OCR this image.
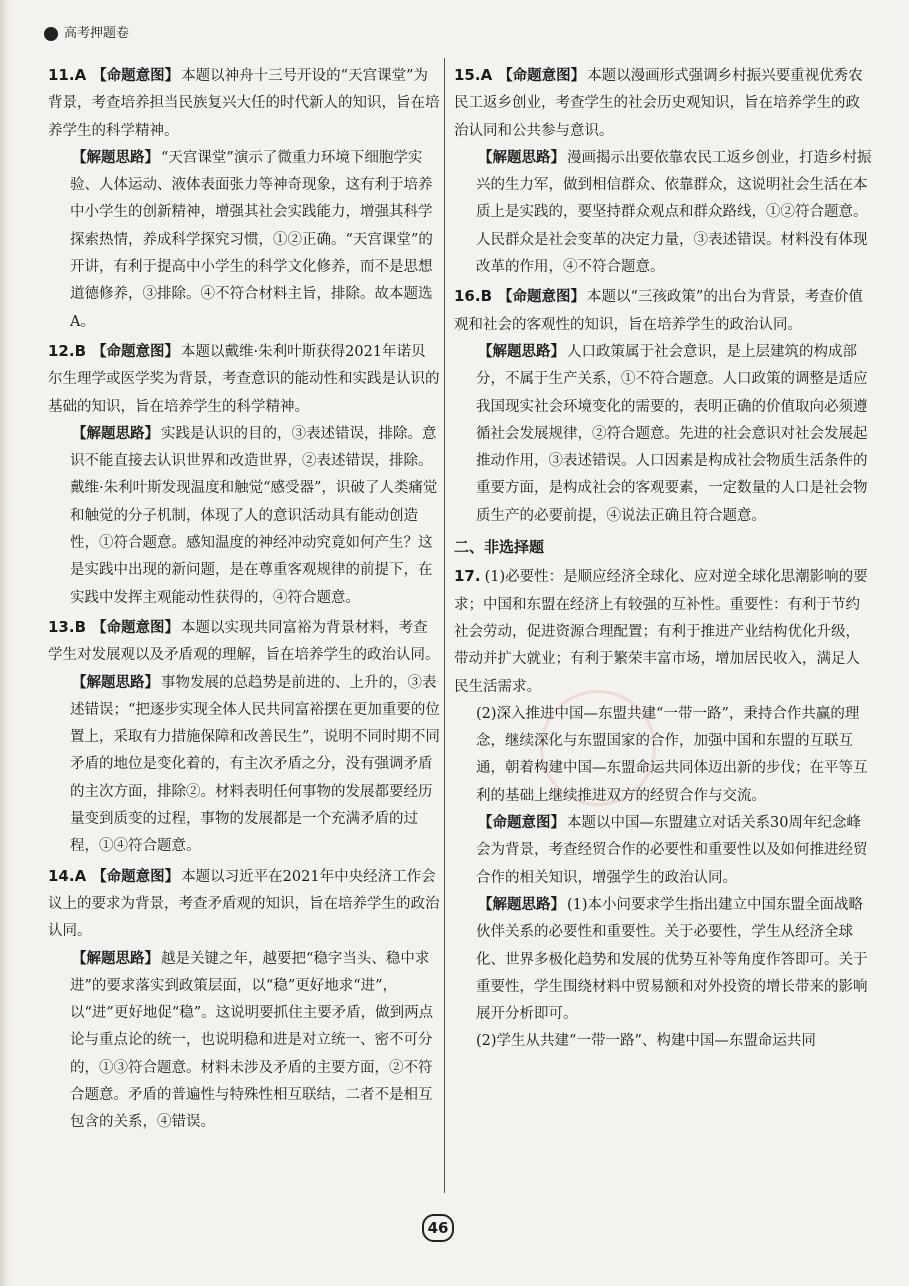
高考押题卷

11.A 【命题意图】 本题以神舟十三号开设的“天宫课堂”为背景，考查培养担当民族复兴大任的时代新人的知识，旨在培养学生的科学精神。

【解题思路】 “天宫课堂”演示了微重力环境下细胞学实验、人体运动、液体表面张力等神奇现象，这有利于培养中小学生的创新精神，增强其社会实践能力，增强其科学探索热情，养成科学探究习惯，①②正确。“天宫课堂”的开讲，有利于提高中小学生的科学文化修养，而不是思想道德修养，③排除。④不符合材料主旨，排除。故本题选A。

12.B 【命题意图】 本题以戴维·朱利叶斯获得2021年诺贝尔生理学或医学奖为背景，考查意识的能动性和实践是认识的基础的知识，旨在培养学生的科学精神。

【解题思路】 实践是认识的目的，③表述错误，排除。意识不能直接去认识世界和改造世界，②表述错误，排除。戴维·朱利叶斯发现温度和触觉“感受器”，识破了人类痛觉和触觉的分子机制，体现了人的意识活动具有能动创造性，①符合题意。感知温度的神经冲动究竟如何产生？这是实践中出现的新问题，是在尊重客观规律的前提下，在实践中发挥主观能动性获得的，④符合题意。

13.B 【命题意图】 本题以实现共同富裕为背景材料，考查学生对发展观以及矛盾观的理解，旨在培养学生的政治认同。

【解题思路】 事物发展的总趋势是前进的、上升的，③表述错误；“把逐步实现全体人民共同富裕摆在更加重要的位置上，采取有力措施保障和改善民生”，说明不同时期不同矛盾的地位是变化着的，有主次矛盾之分，没有强调矛盾的主次方面，排除②。材料表明任何事物的发展都要经历量变到质变的过程，事物的发展都是一个充满矛盾的过程，①④符合题意。

14.A 【命题意图】 本题以习近平在2021年中央经济工作会议上的要求为背景，考查矛盾观的知识，旨在培养学生的政治认同。

【解题思路】 越是关键之年，越要把“稳字当头、稳中求进”的要求落实到政策层面，以“稳”更好地求“进”，以“进”更好地促“稳”。这说明要抓住主要矛盾，做到两点论与重点论的统一，也说明稳和进是对立统一、密不可分的，①③符合题意。材料未涉及矛盾的主要方面，②不符合题意。矛盾的普遍性与特殊性相互联结，二者不是相互包含的关系，④错误。

15.A 【命题意图】 本题以漫画形式强调乡村振兴要重视优秀农民工返乡创业，考查学生的社会历史观知识，旨在培养学生的政治认同和公共参与意识。

【解题思路】 漫画揭示出要依靠农民工返乡创业，打造乡村振兴的生力军，做到相信群众、依靠群众，这说明社会生活在本质上是实践的，要坚持群众观点和群众路线，①②符合题意。人民群众是社会变革的决定力量，③表述错误。材料没有体现改革的作用，④不符合题意。

16.B 【命题意图】 本题以“三孩政策”的出台为背景，考查价值观和社会的客观性的知识，旨在培养学生的政治认同。

【解题思路】 人口政策属于社会意识，是上层建筑的构成部分，不属于生产关系，①不符合题意。人口政策的调整是适应我国现实社会环境变化的需要的，表明正确的价值取向必须遵循社会发展规律，②符合题意。先进的社会意识对社会发展起推动作用，③表述错误。人口因素是构成社会物质生活条件的重要方面，是构成社会的客观要素，一定数量的人口是社会物质生产的必要前提，④说法正确且符合题意。

二、非选择题

17. (1)必要性：是顺应经济全球化、应对逆全球化思潮影响的要求；中国和东盟在经济上有较强的互补性。重要性：有利于节约社会劳动，促进资源合理配置；有利于推进产业结构优化升级，带动并扩大就业；有利于繁荣丰富市场，增加居民收入，满足人民生活需求。

(2)深入推进中国—东盟共建“一带一路”，秉持合作共赢的理念，继续深化与东盟国家的合作，加强中国和东盟的互联互通，朝着构建中国—东盟命运共同体迈出新的步伐；在平等互利的基础上继续推进双方的经贸合作与交流。

【命题意图】 本题以中国—东盟建立对话关系30周年纪念峰会为背景，考查经贸合作的必要性和重要性以及如何推进经贸合作的相关知识，增强学生的政治认同。

【解题思路】 (1)本小问要求学生指出建立中国东盟全面战略伙伴关系的必要性和重要性。关于必要性，学生从经济全球化、世界多极化趋势和发展的优势互补等角度作答即可。关于重要性，学生围绕材料中贸易额和对外投资的增长带来的影响展开分析即可。

(2)学生从共建“一带一路”、构建中国—东盟命运共同

46
